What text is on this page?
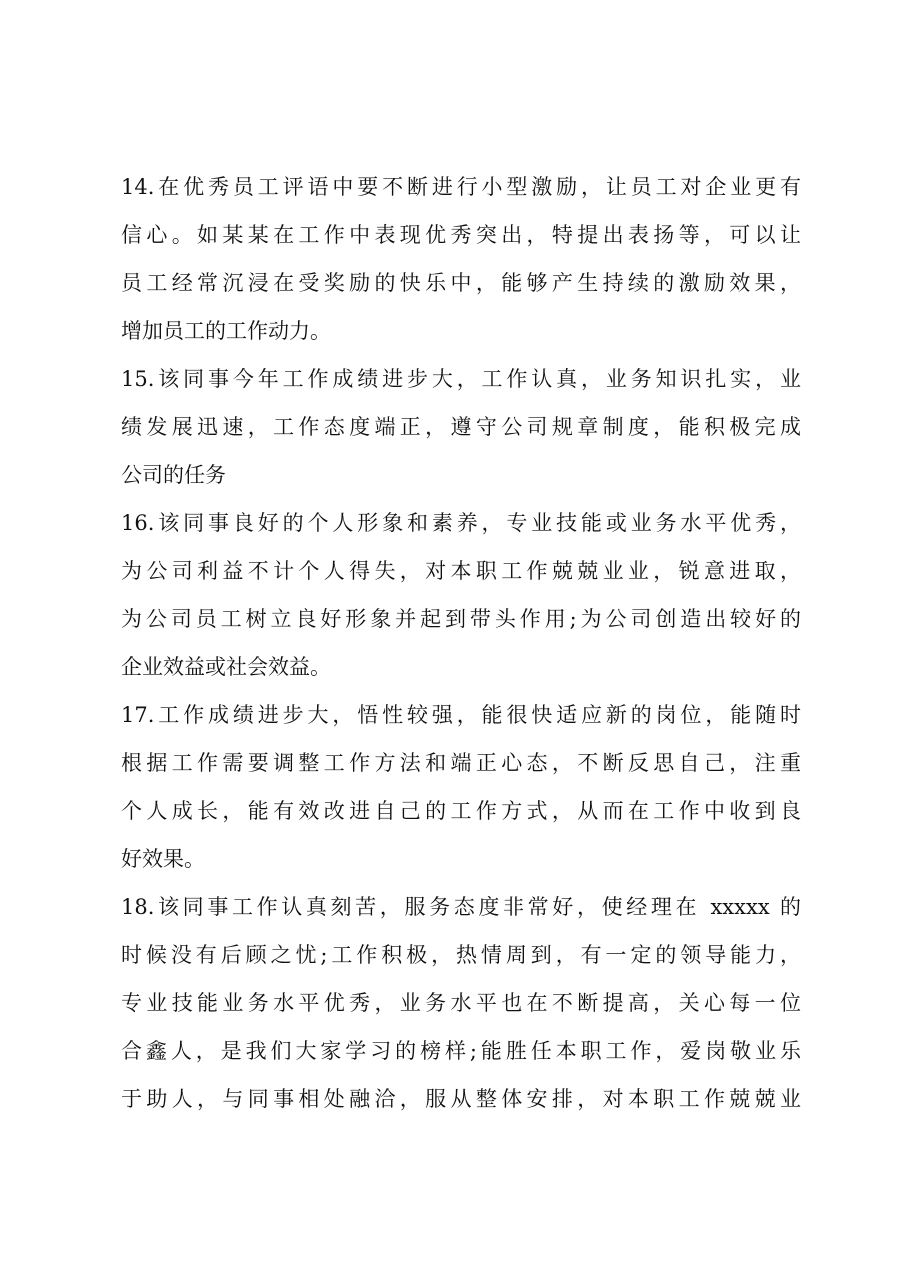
14.在优秀员工评语中要不断进行小型激励，让员工对企业更有
信心。如某某在工作中表现优秀突出，特提出表扬等，可以让
员工经常沉浸在受奖励的快乐中，能够产生持续的激励效果，
增加员工的工作动力。
15.该同事今年工作成绩进步大，工作认真，业务知识扎实，业
绩发展迅速，工作态度端正，遵守公司规章制度，能积极完成
公司的任务
16.该同事良好的个人形象和素养，专业技能或业务水平优秀，
为公司利益不计个人得失，对本职工作兢兢业业，锐意进取，
为公司员工树立良好形象并起到带头作用;为公司创造出较好的
企业效益或社会效益。
17.工作成绩进步大，悟性较强，能很快适应新的岗位，能随时
根据工作需要调整工作方法和端正心态，不断反思自己，注重
个人成长，能有效改进自己的工作方式，从而在工作中收到良
好效果。
18.该同事工作认真刻苦，服务态度非常好，使经理在 xxxxx 的
时候没有后顾之忧;工作积极，热情周到，有一定的领导能力，
专业技能业务水平优秀，业务水平也在不断提高，关心每一位
合鑫人，是我们大家学习的榜样;能胜任本职工作，爱岗敬业乐
于助人，与同事相处融洽，服从整体安排，对本职工作兢兢业
